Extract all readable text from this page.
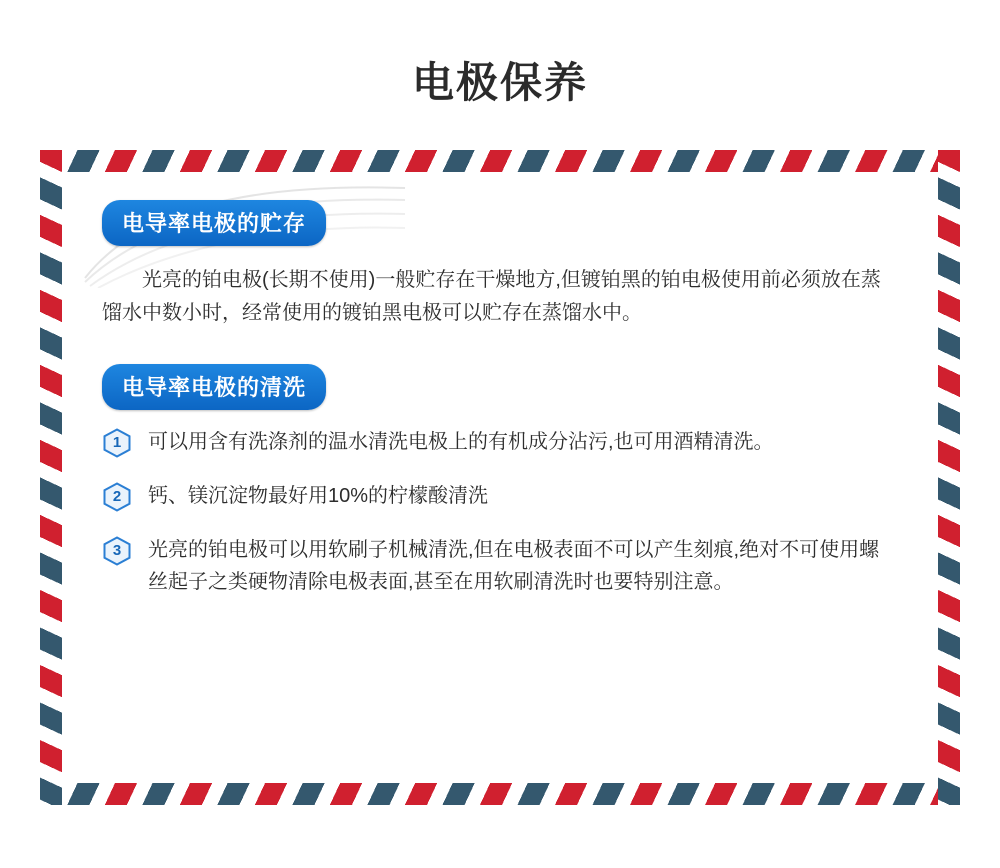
电极保养
电导率电极的贮存
光亮的铂电极(长期不使用)一般贮存在干燥地方,但镀铂黑的铂电极使用前必须放在蒸馏水中数小时，经常使用的镀铂黑电极可以贮存在蒸馏水中。
电导率电极的清洗
1	可以用含有洗涤剂的温水清洗电极上的有机成分沾污,也可用酒精清洗。
2	钙、镁沉淀物最好用10%的柠檬酸清洗
3	光亮的铂电极可以用软刷子机械清洗,但在电极表面不可以产生刻痕,绝对不可使用螺丝起子之类硬物清除电极表面,甚至在用软刷清洗时也要特别注意。
